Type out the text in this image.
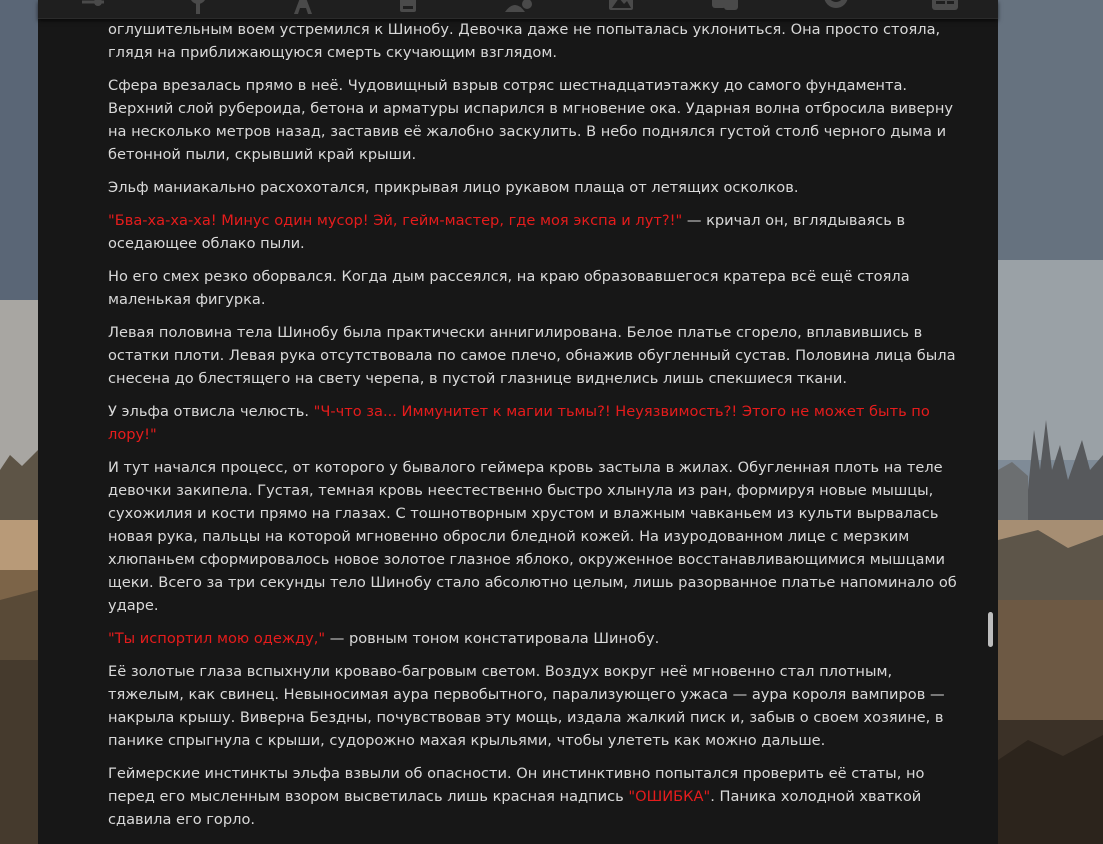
оглушительным воем устремился к Шинобу. Девочка даже не попыталась уклониться. Она просто стояла, глядя на приближающуюся смерть скучающим взглядом.

Сфера врезалась прямо в неё. Чудовищный взрыв сотряс шестнадцатиэтажку до самого фундамента. Верхний слой рубероида, бетона и арматуры испарился в мгновение ока. Ударная волна отбросила виверну на несколько метров назад, заставив её жалобно заскулить. В небо поднялся густой столб черного дыма и бетонной пыли, скрывший край крыши.

Эльф маниакально расхохотался, прикрывая лицо рукавом плаща от летящих осколков.

"Бва-ха-ха-ха! Минус один мусор! Эй, гейм-мастер, где моя экспа и лут?!" — кричал он, вглядываясь в оседающее облако пыли.

Но его смех резко оборвался. Когда дым рассеялся, на краю образовавшегося кратера всё ещё стояла маленькая фигурка.

Левая половина тела Шинобу была практически аннигилирована. Белое платье сгорело, вплавившись в остатки плоти. Левая рука отсутствовала по самое плечо, обнажив обугленный сустав. Половина лица была снесена до блестящего на свету черепа, в пустой глазнице виднелись лишь спекшиеся ткани.

У эльфа отвисла челюсть. "Ч-что за... Иммунитет к магии тьмы?! Неуязвимость?! Этого не может быть по лору!"

И тут начался процесс, от которого у бывалого геймера кровь застыла в жилах. Обугленная плоть на теле девочки закипела. Густая, темная кровь неестественно быстро хлынула из ран, формируя новые мышцы, сухожилия и кости прямо на глазах. С тошнотворным хрустом и влажным чавканьем из культи вырвалась новая рука, пальцы на которой мгновенно обросли бледной кожей. На изуродованном лице с мерзким хлюпаньем сформировалось новое золотое глазное яблоко, окруженное восстанавливающимися мышцами щеки. Всего за три секунды тело Шинобу стало абсолютно целым, лишь разорванное платье напоминало об ударе.

"Ты испортил мою одежду," — ровным тоном констатировала Шинобу.

Её золотые глаза вспыхнули кроваво-багровым светом. Воздух вокруг неё мгновенно стал плотным, тяжелым, как свинец. Невыносимая аура первобытного, парализующего ужаса — аура короля вампиров — накрыла крышу. Виверна Бездны, почувствовав эту мощь, издала жалкий писк и, забыв о своем хозяине, в панике спрыгнула с крыши, судорожно махая крыльями, чтобы улететь как можно дальше.

Геймерские инстинкты эльфа взвыли об опасности. Он инстинктивно попытался проверить её статы, но перед его мысленным взором высветилась лишь красная надпись "ОШИБКА". Паника холодной хваткой сдавила его горло.
